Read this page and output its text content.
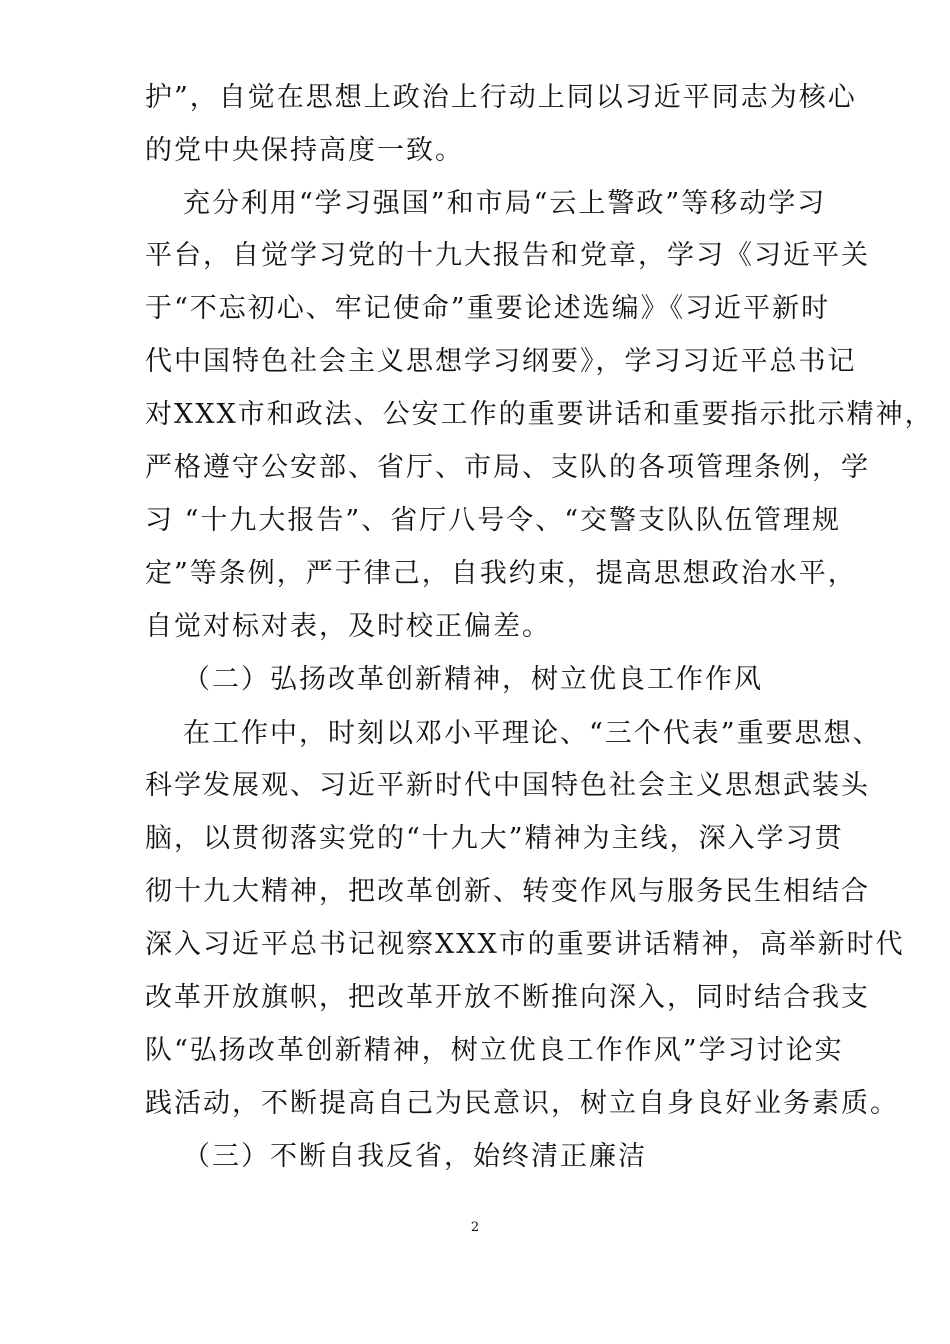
护”，自觉在思想上政治上行动上同以习近平同志为核心
的党中央保持高度一致。
充分利用“学习强国”和市局“云上警政”等移动学习
平台，自觉学习党的十九大报告和党章，学习《习近平关
于“不忘初心、牢记使命”重要论述选编》《习近平新时
代中国特色社会主义思想学习纲要》，学习习近平总书记
对XXX市和政法、公安工作的重要讲话和重要指示批示精神，
严格遵守公安部、省厅、市局、支队的各项管理条例，学
习 “十九大报告”、省厅八号令、“交警支队队伍管理规
定”等条例，严于律己，自我约束，提高思想政治水平，
自觉对标对表，及时校正偏差。
（二）弘扬改革创新精神，树立优良工作作风
在工作中，时刻以邓小平理论、“三个代表”重要思想、
科学发展观、习近平新时代中国特色社会主义思想武装头
脑，以贯彻落实党的“十九大”精神为主线，深入学习贯
彻十九大精神，把改革创新、转变作风与服务民生相结合
深入习近平总书记视察XXX市的重要讲话精神，高举新时代
改革开放旗帜，把改革开放不断推向深入，同时结合我支
队“弘扬改革创新精神，树立优良工作作风”学习讨论实
践活动，不断提高自己为民意识，树立自身良好业务素质。
（三）不断自我反省，始终清正廉洁
2
